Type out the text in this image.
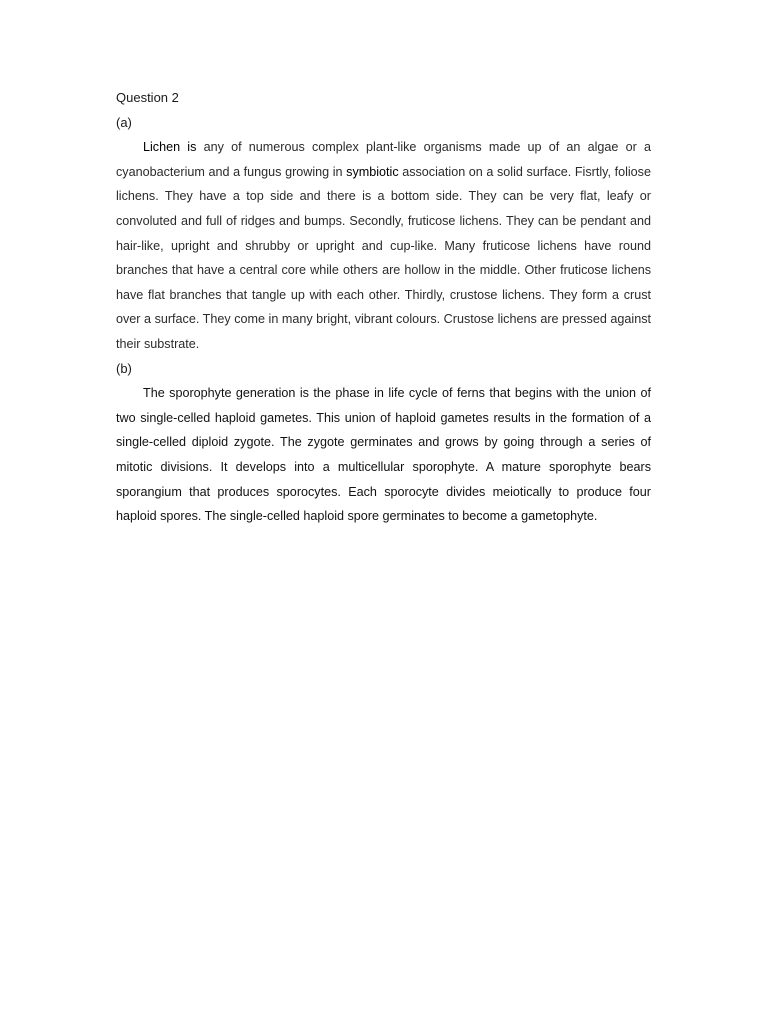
Question 2

(a)

Lichen is any of numerous complex plant-like organisms made up of an algae or a cyanobacterium and a fungus growing in symbiotic association on a solid surface. Fisrtly, foliose lichens. They have a top side and there is a bottom side. They can be very flat, leafy or convoluted and full of ridges and bumps. Secondly, fruticose lichens. They can be pendant and hair-like, upright and shrubby or upright and cup-like. Many fruticose lichens have round branches that have a central core while others are hollow in the middle. Other fruticose lichens have flat branches that tangle up with each other. Thirdly, crustose lichens. They form a crust over a surface. They come in many bright, vibrant colours. Crustose lichens are pressed against their substrate.

(b)

The sporophyte generation is the phase in life cycle of ferns that begins with the union of two single-celled haploid gametes. This union of haploid gametes results in the formation of a single-celled diploid zygote. The zygote germinates and grows by going through a series of mitotic divisions. It develops into a multicellular sporophyte. A mature sporophyte bears sporangium that produces sporocytes. Each sporocyte divides meiotically to produce four haploid spores. The single-celled haploid spore germinates to become a gametophyte.
